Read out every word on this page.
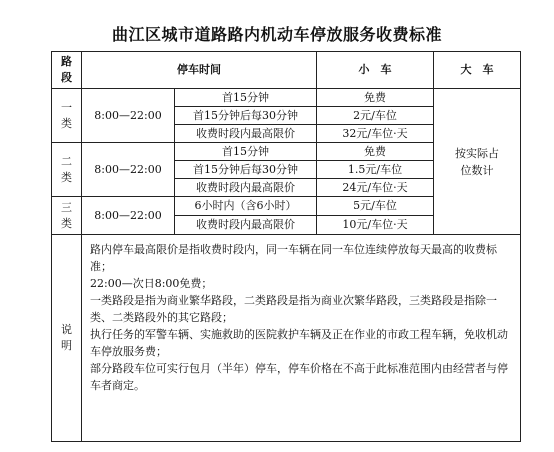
曲江区城市道路路内机动车停放服务收费标准
路段	停车时间		小　车	大　车
一类	8:00—22:00	首15分钟	免费	按实际占位数计
		首15分钟后每30分钟	2元/车位	
		收费时段内最高限价	32元/车位·天	
二类	8:00—22:00	首15分钟	免费	
		首15分钟后每30分钟	1.5元/车位	
		收费时段内最高限价	24元/车位·天	
三类	8:00—22:00	6小时内（含6小时）	5元/车位	
		收费时段内最高限价	10元/车位·天	
说明	路内停车最高限价是指收费时段内，同一车辆在同一车位连续停放每天最高的收费标准；
22:00—次日8:00免费；
一类路段是指为商业繁华路段，二类路段是指为商业次繁华路段，三类路段是指除一类、二类路段外的其它路段；
执行任务的军警车辆、实施救助的医院救护车辆及正在作业的市政工程车辆，免收机动车停放服务费；
部分路段车位可实行包月（半年）停车，停车价格在不高于此标准范围内由经营者与停车者商定。			
